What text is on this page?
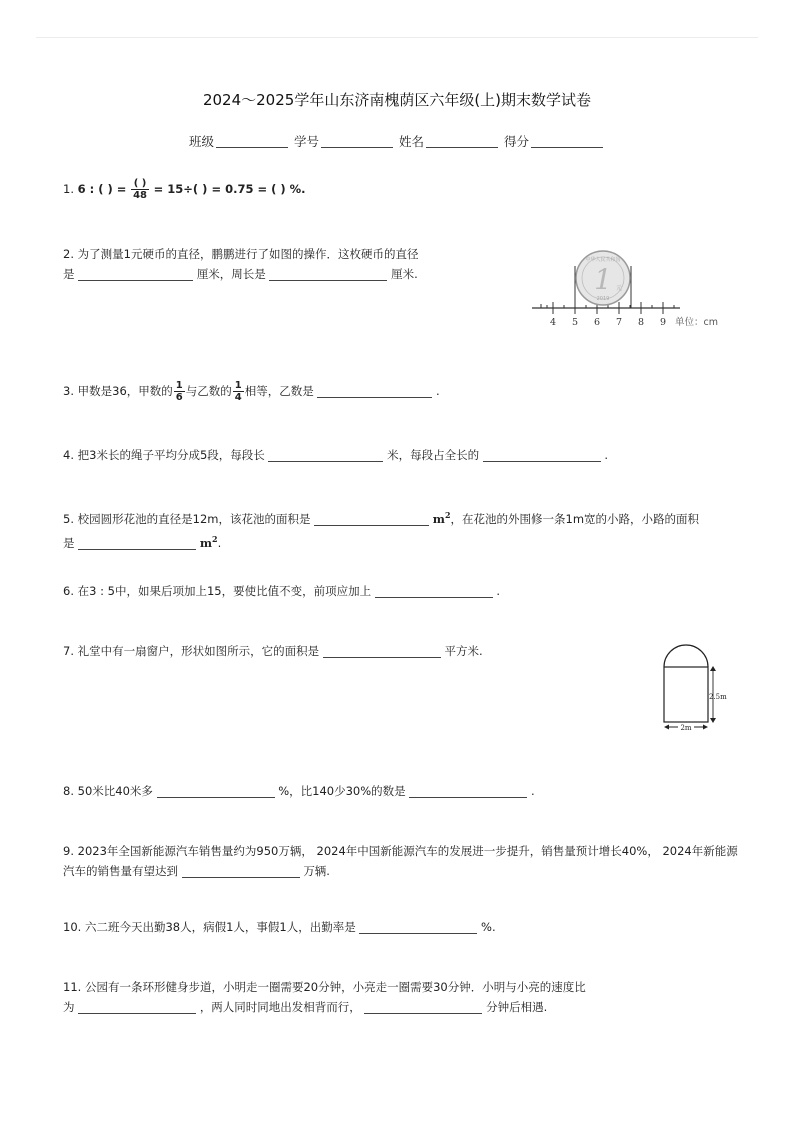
2024～2025学年山东济南槐荫区六年级(上)期末数学试卷
班级	学号	姓名	得分
1. 6 : ( ) = $\frac{( )}{48} = 15\div$( ) = 0.75 = ( ) %.
2. 为了测量1元硬币的直径，鹏鹏进行了如图的操作．这枚硬币的直径
是	厘米，周长是	厘米.	1
中华人民共和国
元
2019
4 5 6 7 8 9 单位：cm
3. 甲数是36，甲数的 $\frac{1}{6}$ 与乙数的 $\frac{1}{4}$ 相等，乙数是	.
4. 把3米长的绳子平均分成5段，每段长	米，每段占全长的	.
5. 校园圆形花池的直径是12m，该花池的面积是	$m^2$，在花池的外围修一条1m宽的小路，小路的面积
是	$m^2$.
6. 在3 : 5中，如果后项加上15，要使比值不变，前项应加上	.
7. 礼堂中有一扇窗户，形状如图所示，它的面积是	平方米.
2.5m
2m
8. 50米比40米多	%，比140少30%的数是	.
9. 2023年全国新能源汽车销售量约为950万辆， 2024年中国新能源汽车的发展进一步提升，销售量预计增长40%， 2024年新能源
汽车的销售量有望达到	万辆.
10. 六二班今天出勤38人，病假1人，事假1人，出勤率是	%.
11. 公园有一条环形健身步道，小明走一圈需要20分钟，小亮走一圈需要30分钟．小明与小亮的速度比
为	，两人同时同地出发相背而行，	分钟后相遇.
